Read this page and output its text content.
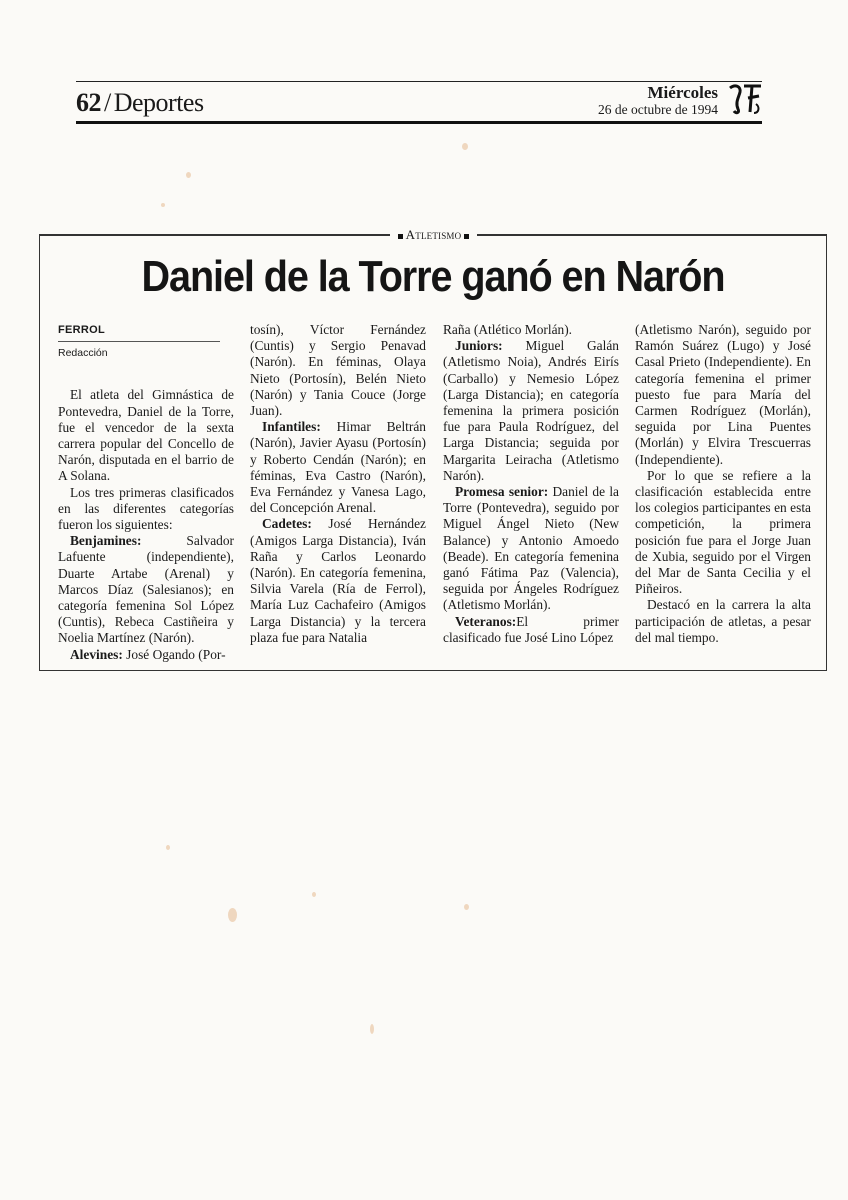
62 / Deportes	Miércoles
26 de octubre de 1994
Atletismo
Daniel de la Torre ganó en Narón
FERROL
Redacción

El atleta del Gimnástica de Pontevedra, Daniel de la Torre, fue el vencedor de la sexta carrera popular del Concello de Narón, disputada en el barrio de A Solana.

Los tres primeras clasificados en las diferentes categorías fueron los siguientes:

Benjamines: Salvador Lafuente (independiente), Duarte Artabe (Arenal) y Marcos Díaz (Salesianos); en categoría femenina Sol López (Cuntis), Rebeca Castiñeira y Noelia Martínez (Narón).

Alevines: José Ogando (Por-

tosín), Víctor Fernández (Cuntis) y Sergio Penavad (Narón). En féminas, Olaya Nieto (Portosín), Belén Nieto (Narón) y Tania Couce (Jorge Juan).

Infantiles: Himar Beltrán (Narón), Javier Ayasu (Portosín) y Roberto Cendán (Narón); en féminas, Eva Castro (Narón), Eva Fernández y Vanesa Lago, del Concepción Arenal.

Cadetes: José Hernández (Amigos Larga Distancia), Iván Raña y Carlos Leonardo (Narón). En categoría femenina, Silvia Varela (Ría de Ferrol), María Luz Cachafeiro (Amigos Larga Distancia) y la tercera plaza fue para Natalia

Raña (Atlético Morlán).

Juniors: Miguel Galán (Atletismo Noia), Andrés Eirís (Carballo) y Nemesio López (Larga Distancia); en categoría femenina la primera posición fue para Paula Rodríguez, del Larga Distancia; seguida por Margarita Leiracha (Atletismo Narón).

Promesa senior: Daniel de la Torre (Pontevedra), seguido por Miguel Ángel Nieto (New Balance) y Antonio Amoedo (Beade). En categoría femenina ganó Fátima Paz (Valencia), seguida por Ángeles Rodríguez (Atletismo Morlán).

Veteranos:El primer clasificado fue José Lino López

(Atletismo Narón), seguido por Ramón Suárez (Lugo) y José Casal Prieto (Independiente). En categoría femenina el primer puesto fue para María del Carmen Rodríguez (Morlán), seguida por Lina Puentes (Morlán) y Elvira Trescuerras (Independiente).

Por lo que se refiere a la clasificación establecida entre los colegios participantes en esta competición, la primera posición fue para el Jorge Juan de Xubia, seguido por el Virgen del Mar de Santa Cecilia y el Piñeiros.

Destacó en la carrera la alta participación de atletas, a pesar del mal tiempo.
